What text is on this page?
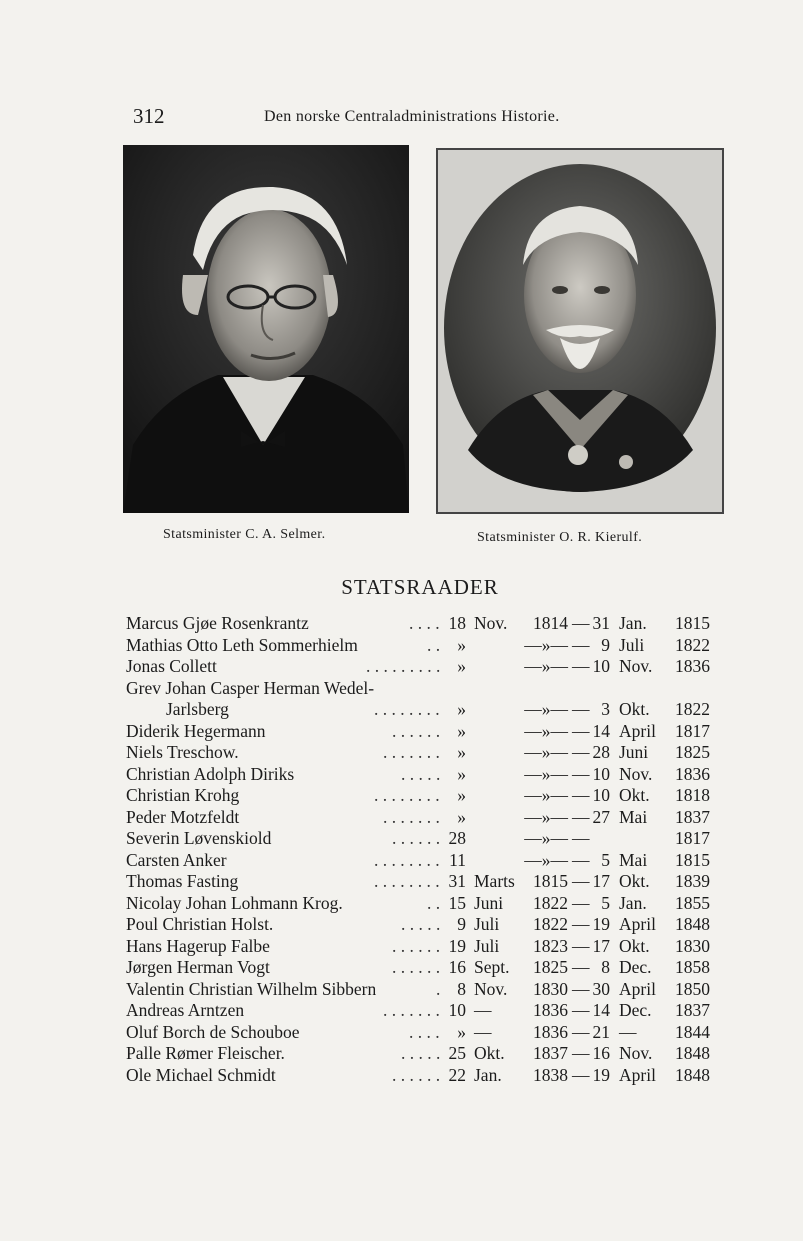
312	Den norske Centraladministrations Historie.
Statsminister C. A. Selmer.	Statsminister O. R. Kierulf.
STATSRAADER
Marcus Gjøe Rosenkrantz	. . . . 18 Nov.	1814 — 31 Jan.	1815
Mathias Otto Leth Sommerhielm	. . »	—»— — 9 Juli	1822
Jonas Collett	. . . . . . . . . »	—»— — 10 Nov.	1836
Grev Johan Casper Herman Wedel-
Jarlsberg	. . . . . . . .	»	—»— — 3 Okt.	1822
Diderik Hegermann	. . . . . . »	—»— — 14 April	1817
Niels Treschow.	. . . . . . . »	—»— — 28 Juni	1825
Christian Adolph Diriks	. . . . . »	—»— — 10 Nov.	1836
Christian Krohg	. . . . . . . .	»	—»— — 10 Okt.	1818
Peder Motzfeldt	. . . . . . . »	—»— — 27 Mai	1837
Severin Løvenskiold	. . . . . . 28	—»— —	1817
Carsten Anker	. . . . . . . . 11	—»— — 5 Mai	1815
Thomas Fasting	. . . . . . . . 31 Marts	1815 — 17 Okt.	1839
Nicolay Johan Lohmann Krog.	. . 15 Juni	1822 — 5 Jan.	1855
Poul Christian Holst.	. . . . . 9 Juli	1822 — 19 April	1848
Hans Hagerup Falbe	. . . . . . 19 Juli	1823 — 17 Okt.	1830
Jørgen Herman Vogt	. . . . . . 16 Sept.	1825 — 8 Dec.	1858
Valentin Christian Wilhelm Sibbern	. 8 Nov.	1830 — 30 April	1850
Andreas Arntzen	. . . . . . . 10 —	1836 — 14 Dec.	1837
Oluf Borch de Schouboe	. . . .	» —	1836 — 21 —	1844
Palle Rømer Fleischer.	. . . . . 25 Okt.	1837 — 16 Nov.	1848
Ole Michael Schmidt	. . . . . . 22 Jan.	1838 — 19 April	1848
